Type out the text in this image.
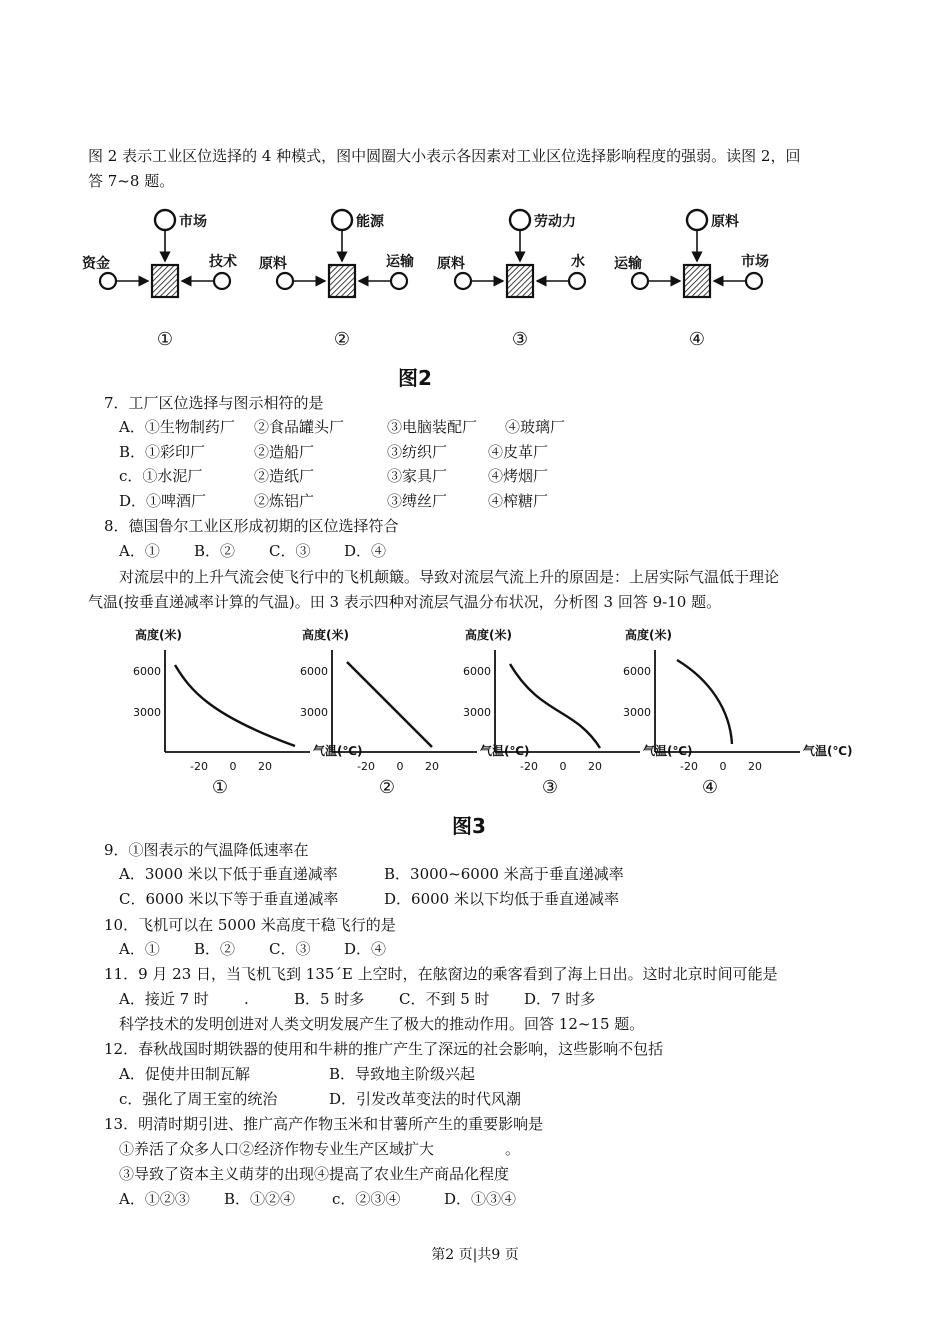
图 2 表示工业区位选择的 4 种模式，图中圆圈大小表示各因素对工业区位选择影响程度的强弱。读图 2，回
答 7~8 题。
市场
资金	技术
①
能源
原料	运输
②
劳动力
原料	水
③
原料
运输	市场
④
图2
7．工厂区位选择与图示相符的是
A．①生物制药厂 ②食品罐头厂	③电脑装配厂 ④玻璃厂
B．①彩印厂	②造船厂	③纺织厂	④皮革厂
c．①水泥厂	②造纸厂	③家具厂	④烤烟厂
D．①啤酒厂	②炼铝广	③缚丝厂	④榨糖厂
8．德国鲁尔工业区形成初期的区位选择符合
A．① B．② C．③ D．④
对流层中的上升气流会使飞行中的飞机颠簸。导致对流层气流上升的原固是：上居实际气温低于理论
气温(按垂直递减率计算的气温)。田 3 表示四种对流层气温分布状况，分析图 3 回答 9-10 题。
高度(米)
6000
3000
气温(℃)
-20 0 20
①
高度(米)
6000
3000
气温(℃)
-20 0 20
②
高度(米)
6000
3000
气温(℃)
-20 0 20
③
高度(米)
6000
3000
气温(℃)
-20 0 20
④
图3
9．①图表示的气温降低速率在
A．3000 米以下低于垂直递减率	B．3000~6000 米高于垂直递减率
C．6000 米以下等于垂直递减率	D．6000 米以下均低于垂直递减率
10．飞机可以在 5000 米高度干稳飞行的是
A．① B．② C．③ D．④
11．9 月 23 日，当飞机飞到 135ˊE 上空时，在舷窗边的乘客看到了海上日出。这时北京时间可能是
A．接近 7 时 .	B．5 时多 C．不到 5 时 D．7 时多
科学技术的发明创进对人类文明发展产生了极大的推动作用。回答 12~15 题。
12．春秋战国时期铁器的使用和牛耕的推广产生了深远的社会影响，这些影响不包括
A．促使井田制瓦解	B．导致地主阶级兴起
c．强化了周王室的统治	D．引发改革变法的时代风潮
13．明清时期引进、推广高产作物玉米和甘薯所产生的重要影响是
①养活了众多人口②经济作物专业生产区域扩大	。
③导致了资本主义萌芽的出现④提高了农业生产商品化程度
A．①②③ B．①②④ c．②③④	D．①③④
第2 页|共9 页
